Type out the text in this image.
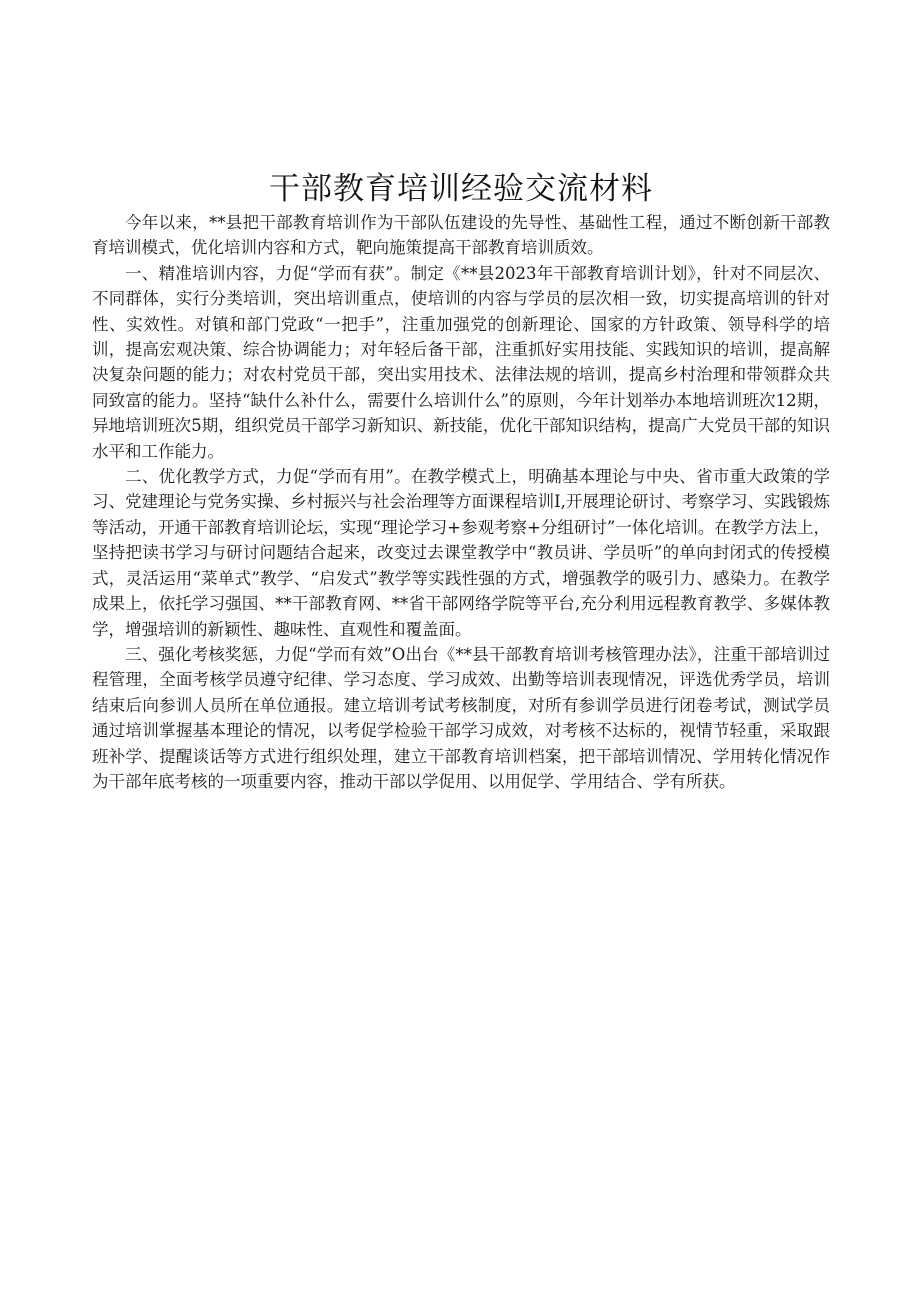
干部教育培训经验交流材料

今年以来，**县把干部教育培训作为干部队伍建设的先导性、基础性工程，通过不断创新干部教育培训模式，优化培训内容和方式，靶向施策提高干部教育培训质效。

一、精准培训内容，力促“学而有获”。制定《**县2023年干部教育培训计划》，针对不同层次、不同群体，实行分类培训，突出培训重点，使培训的内容与学员的层次相一致，切实提高培训的针对性、实效性。对镇和部门党政“一把手”，注重加强党的创新理论、国家的方针政策、领导科学的培训，提高宏观决策、综合协调能力；对年轻后备干部，注重抓好实用技能、实践知识的培训，提高解决复杂问题的能力；对农村党员干部，突出实用技术、法律法规的培训，提高乡村治理和带领群众共同致富的能力。坚持“缺什么补什么，需要什么培训什么”的原则，今年计划举办本地培训班次12期，异地培训班次5期，组织党员干部学习新知识、新技能，优化干部知识结构，提高广大党员干部的知识水平和工作能力。

二、优化教学方式，力促“学而有用”。在教学模式上，明确基本理论与中央、省市重大政策的学习、党建理论与党务实操、乡村振兴与社会治理等方面课程培训I,开展理论研讨、考察学习、实践锻炼等活动，开通干部教育培训论坛，实现“理论学习+参观考察+分组研讨”一体化培训。在教学方法上，坚持把读书学习与研讨问题结合起来，改变过去课堂教学中“教员讲、学员听”的单向封闭式的传授模式，灵活运用“菜单式”教学、“启发式”教学等实践性强的方式，增强教学的吸引力、感染力。在教学成果上，依托学习强国、**干部教育网、**省干部网络学院等平台,充分利用远程教育教学、多媒体教学，增强培训的新颖性、趣味性、直观性和覆盖面。

三、强化考核奖惩，力促“学而有效”O出台《**县干部教育培训考核管理办法》，注重干部培训过程管理，全面考核学员遵守纪律、学习态度、学习成效、出勤等培训表现情况，评选优秀学员，培训结束后向参训人员所在单位通报。建立培训考试考核制度，对所有参训学员进行闭卷考试，测试学员通过培训掌握基本理论的情况，以考促学检验干部学习成效，对考核不达标的，视情节轻重，采取跟班补学、提醒谈话等方式进行组织处理，建立干部教育培训档案，把干部培训情况、学用转化情况作为干部年底考核的一项重要内容，推动干部以学促用、以用促学、学用结合、学有所获。
